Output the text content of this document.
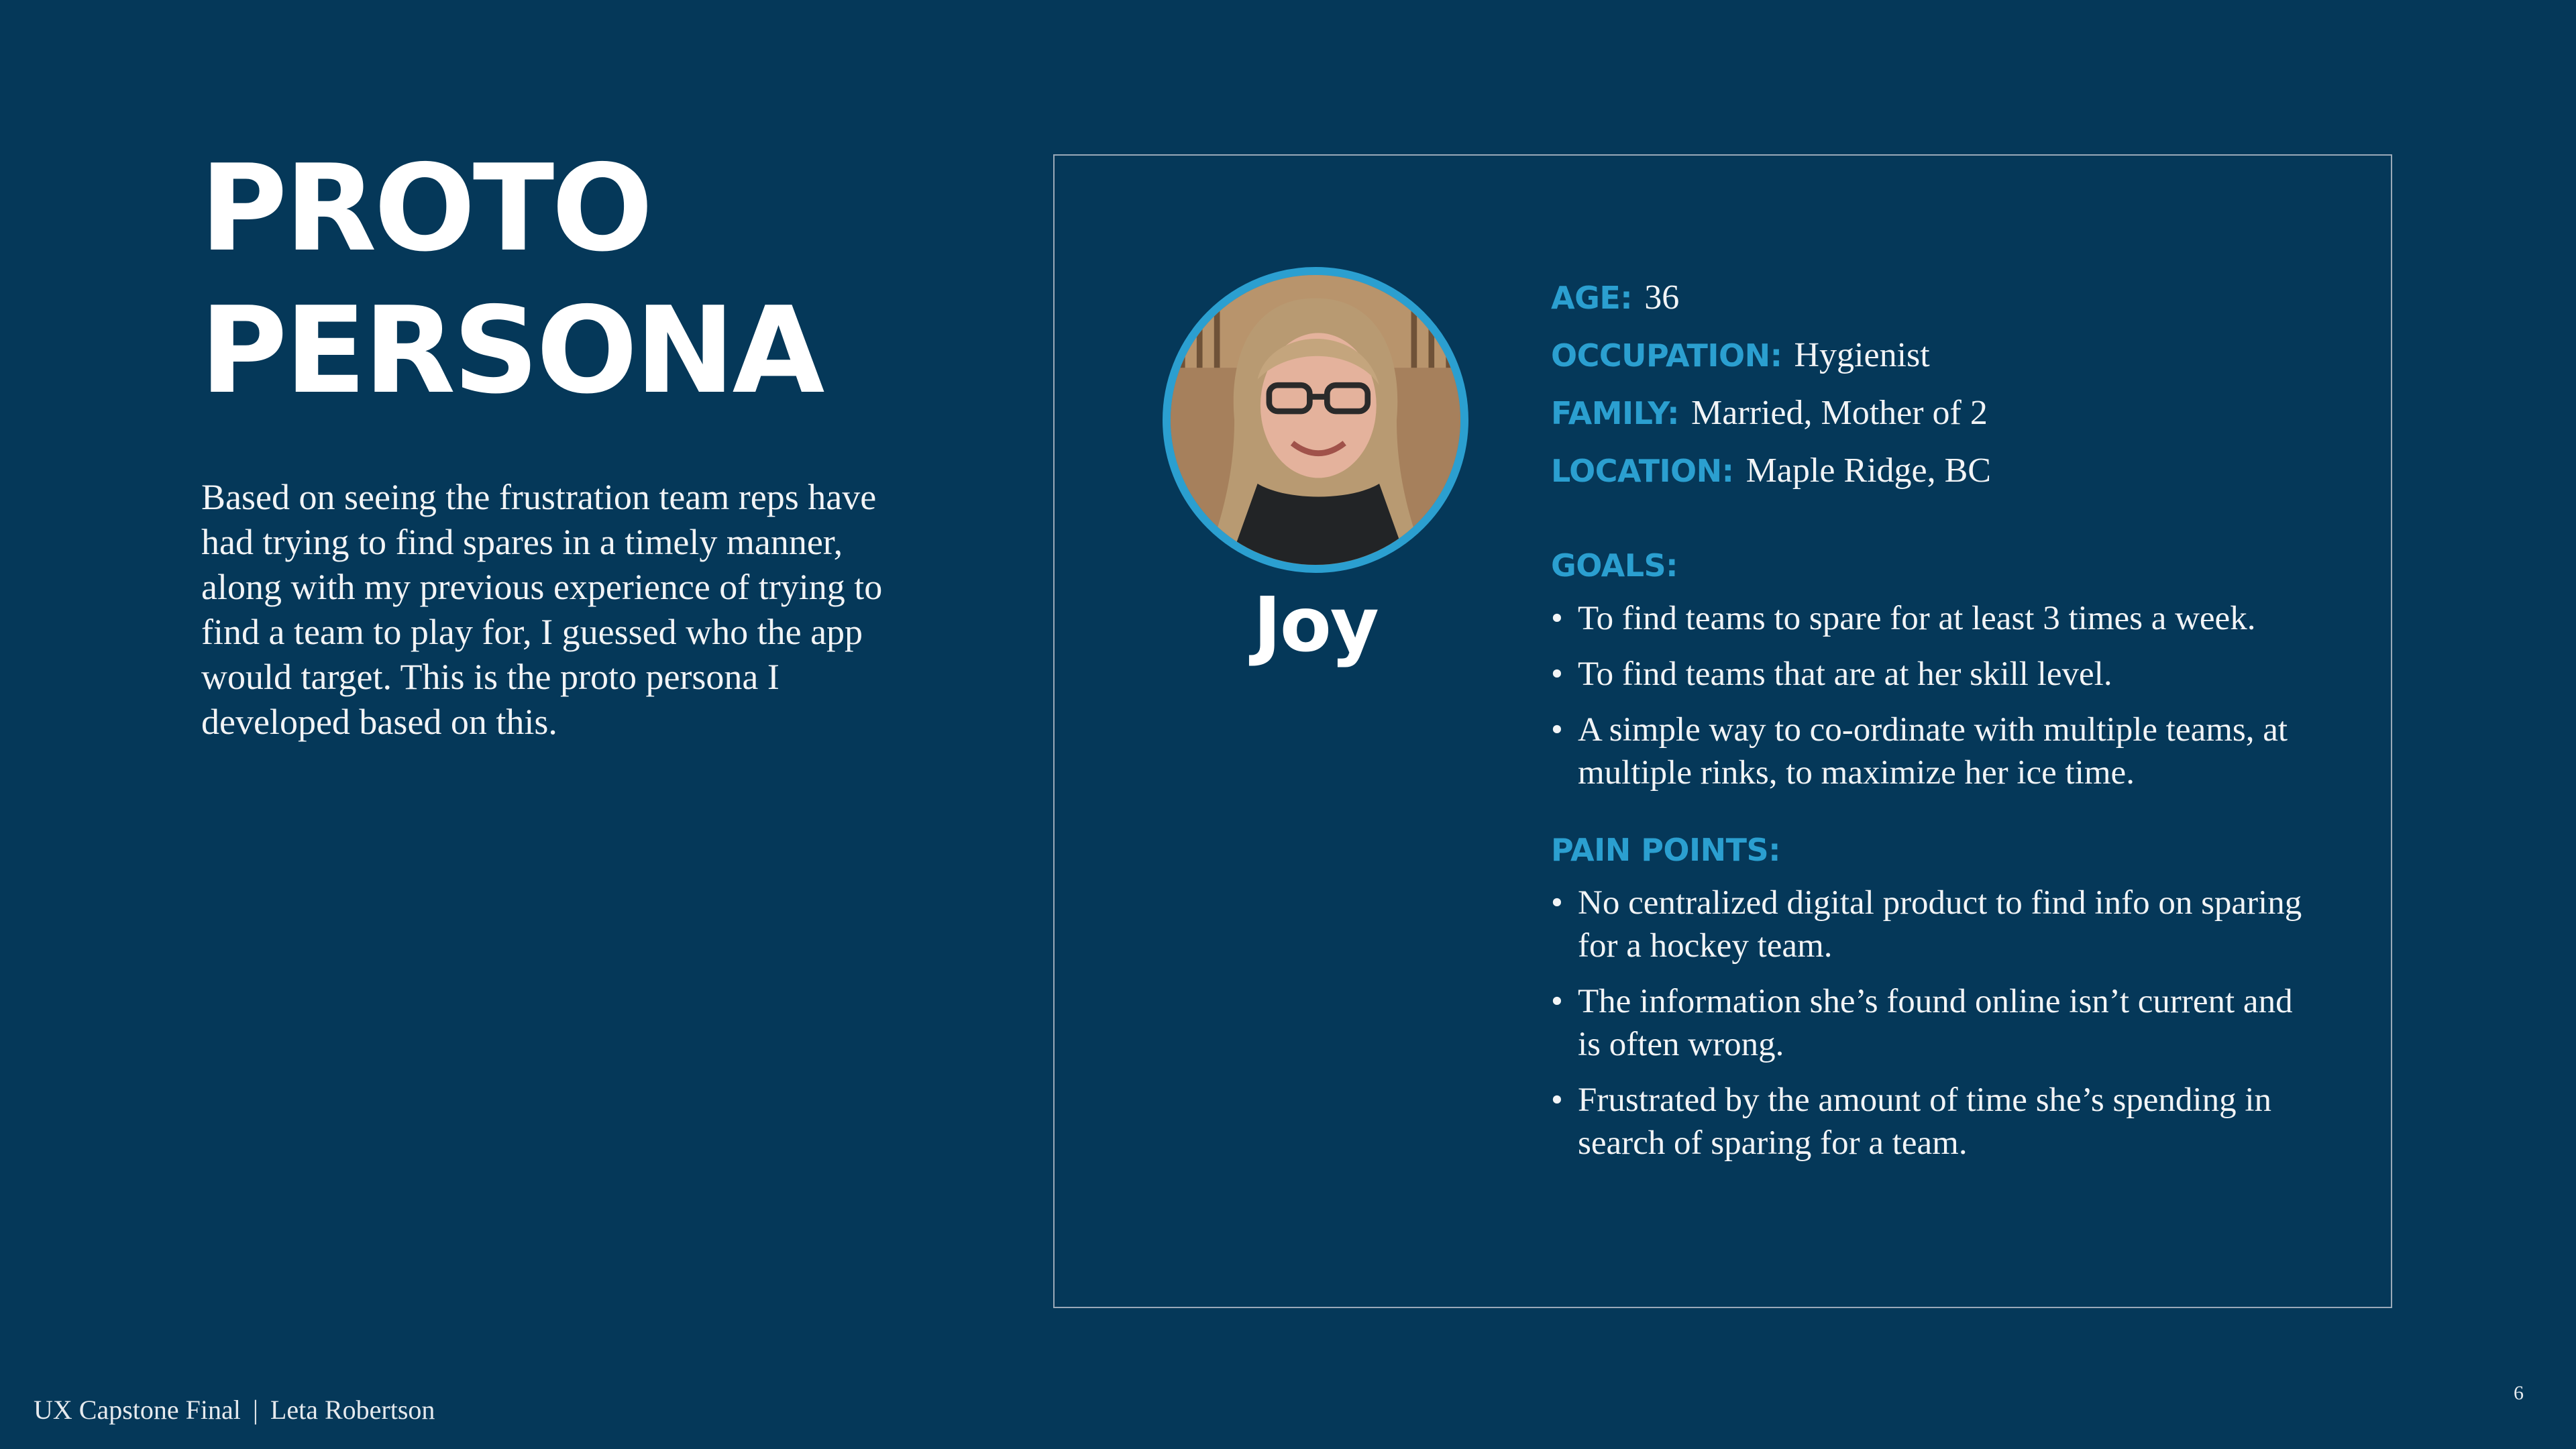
PROTO
PERSONA

Based on seeing the frustration team reps have had trying to find spares in a timely manner, along with my previous experience of trying to find a team to play for, I guessed who the app would target. This is the proto persona I developed based on this.

Joy
AGE: 36
OCCUPATION: Hygienist
FAMILY: Married, Mother of 2
LOCATION: Maple Ridge, BC
GOALS:
• To find teams to spare for at least 3 times a week.
• To find teams that are at her skill level.
• A simple way to co-ordinate with multiple teams, at multiple rinks, to maximize her ice time.
PAIN POINTS:
• No centralized digital product to find info on sparing for a hockey team.
• The information she’s found online isn’t current and is often wrong.
• Frustrated by the amount of time she’s spending in search of sparing for a team.
UX Capstone Final | Leta Robertson
6
